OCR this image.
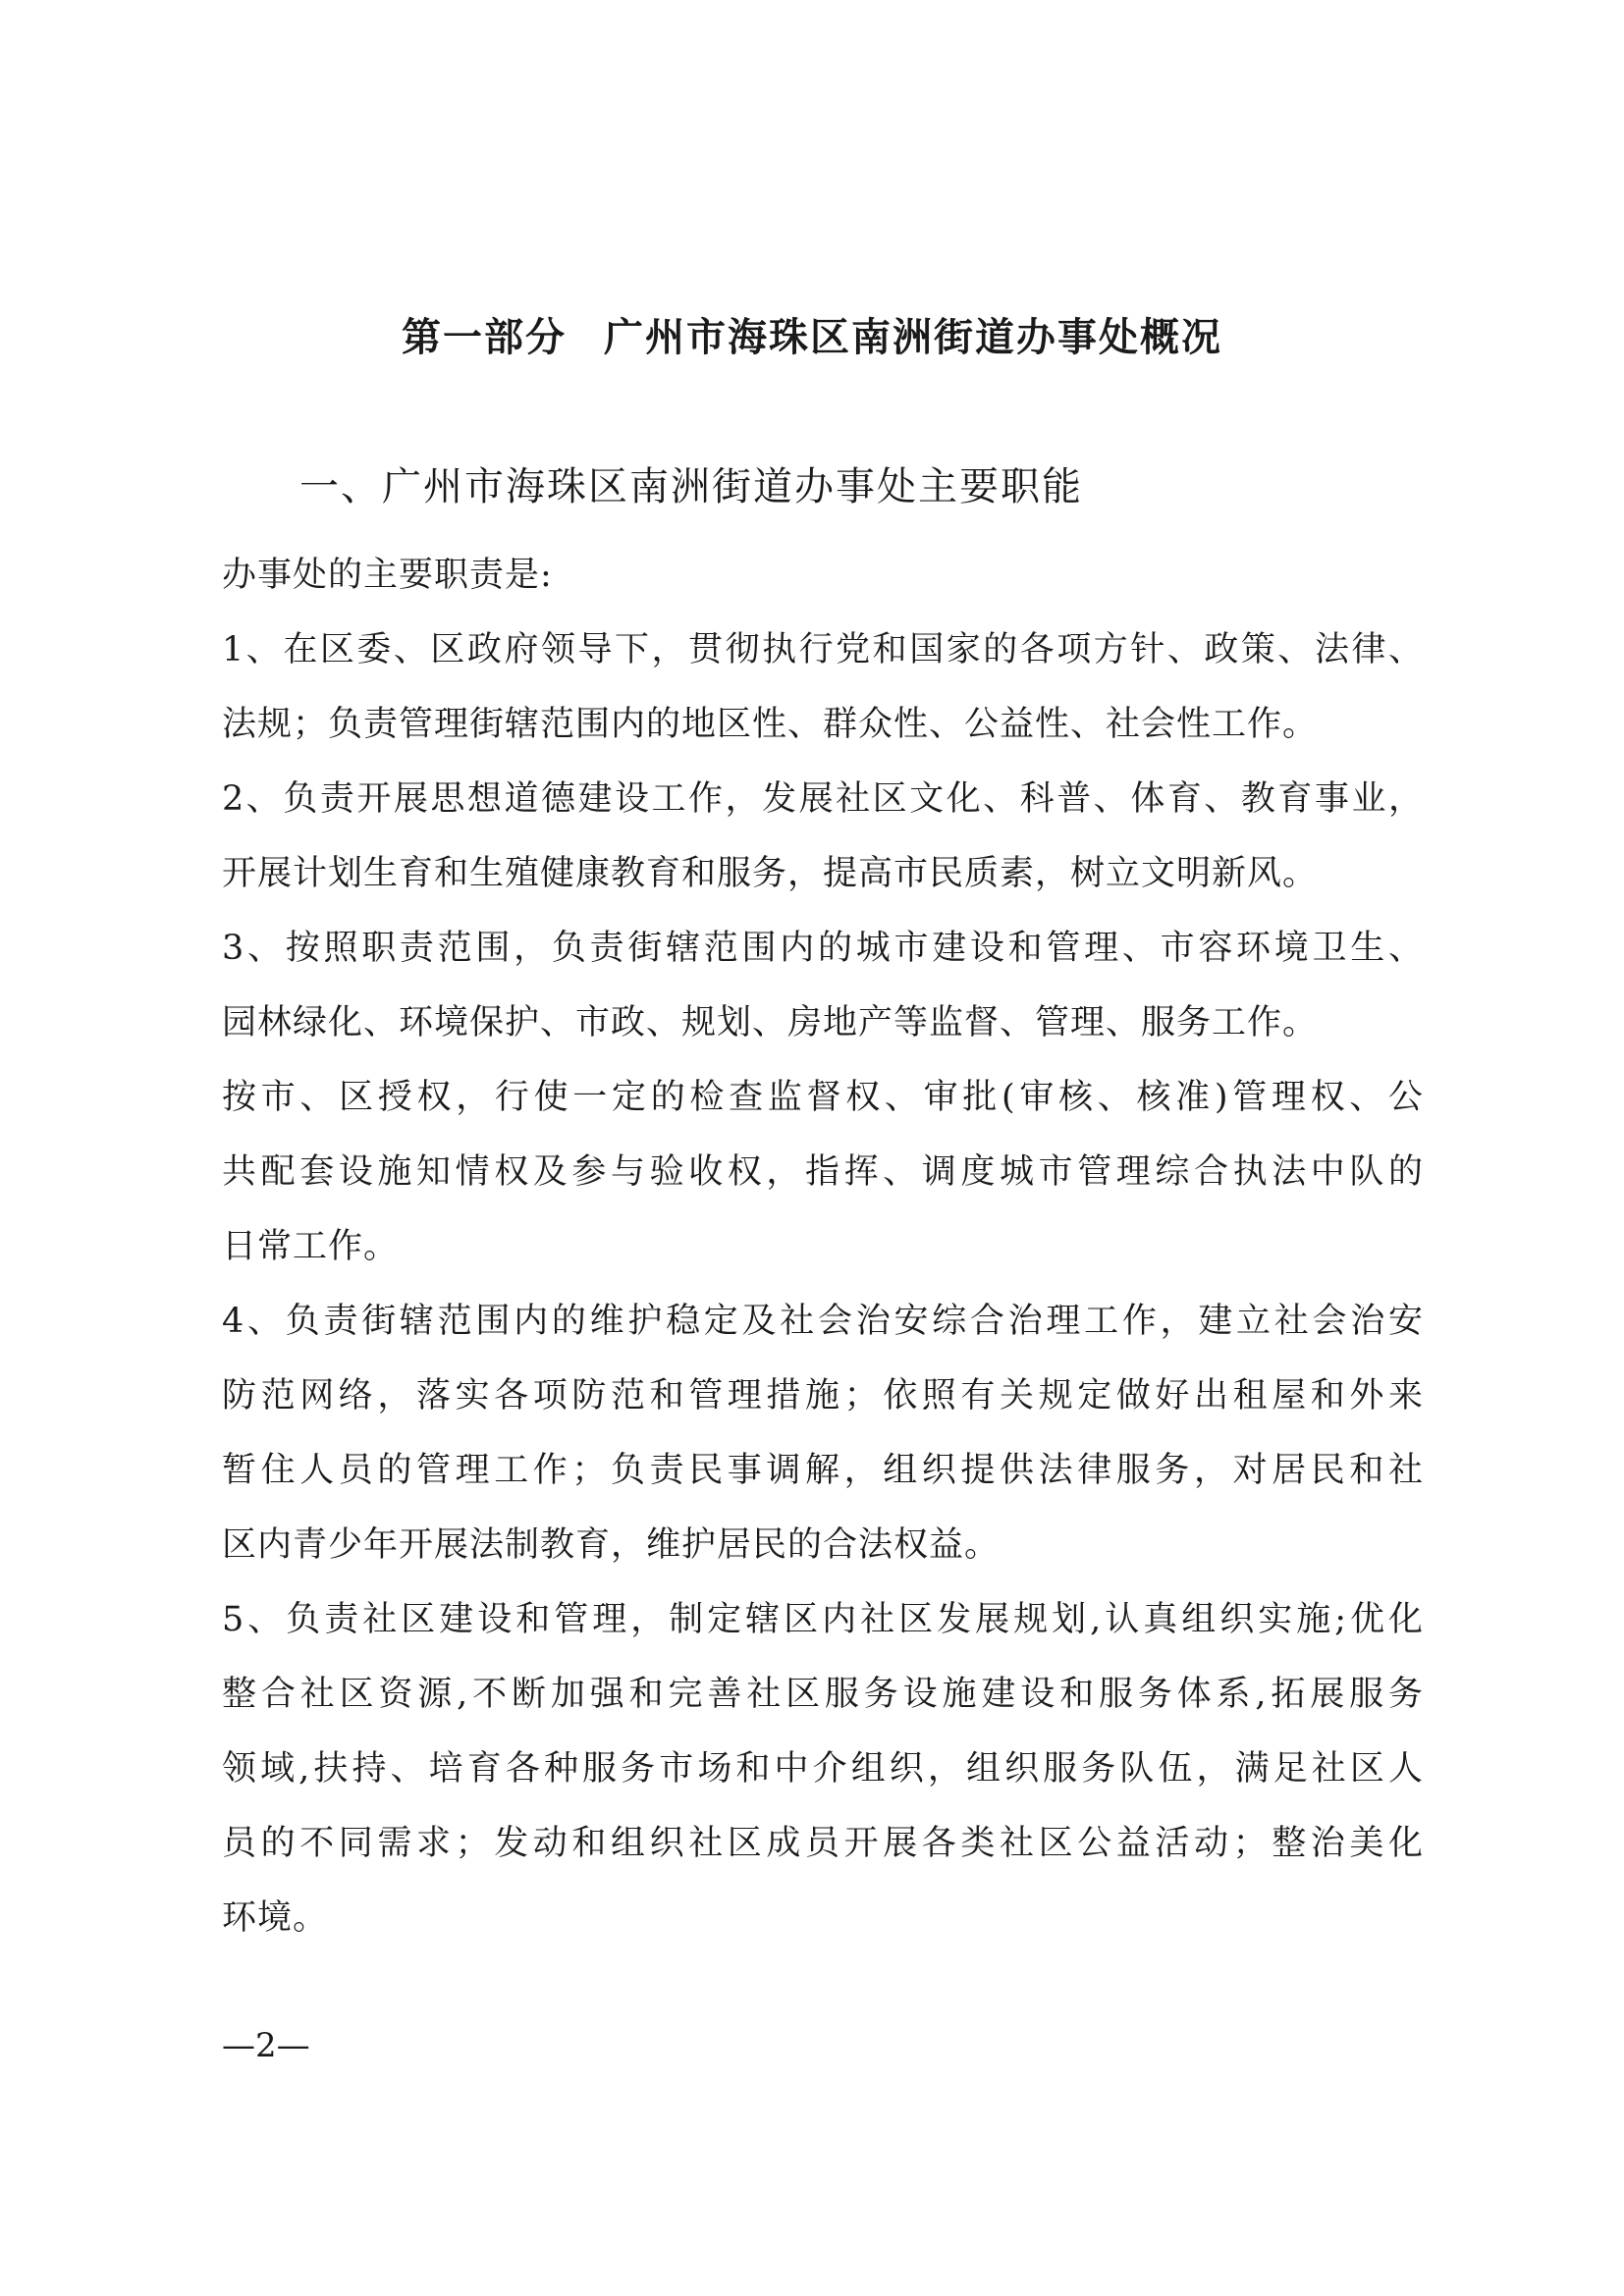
第一部分 广州市海珠区南洲街道办事处概况
一、广州市海珠区南洲街道办事处主要职能
办事处的主要职责是:
1、在区委、区政府领导下，贯彻执行党和国家的各项方针、政策、法律、
法规；负责管理街辖范围内的地区性、群众性、公益性、社会性工作。
2、负责开展思想道德建设工作，发展社区文化、科普、体育、教育事业，
开展计划生育和生殖健康教育和服务，提高市民质素，树立文明新风。
3、按照职责范围，负责街辖范围内的城市建设和管理、市容环境卫生、
园林绿化、环境保护、市政、规划、房地产等监督、管理、服务工作。
按市、区授权，行使一定的检查监督权、审批(审核、核准)管理权、公
共配套设施知情权及参与验收权，指挥、调度城市管理综合执法中队的
日常工作。
4、负责街辖范围内的维护稳定及社会治安综合治理工作，建立社会治安
防范网络，落实各项防范和管理措施；依照有关规定做好出租屋和外来
暂住人员的管理工作；负责民事调解，组织提供法律服务，对居民和社
区内青少年开展法制教育，维护居民的合法权益。
5、负责社区建设和管理，制定辖区内社区发展规划,认真组织实施;优化
整合社区资源,不断加强和完善社区服务设施建设和服务体系,拓展服务
领域,扶持、培育各种服务市场和中介组织，组织服务队伍，满足社区人
员的不同需求；发动和组织社区成员开展各类社区公益活动；整治美化
环境。
—2—
